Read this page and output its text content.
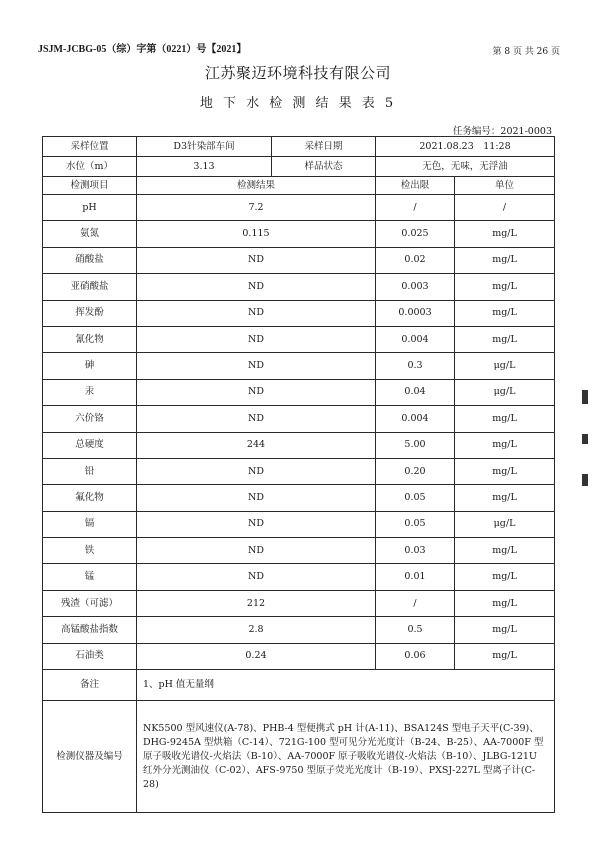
JSJM-JCBG-05（综）字第（0221）号【2021】	第 8 页 共 26 页
江苏聚迈环境科技有限公司
地 下 水 检 测 结 果 表 5
任务编号：2021-0003
采样位置	D3针染部车间	采样日期	2021.08.23　11:28	
水位（m）	3.13	样品状态	无色，无味，无浮油	
检测项目	检测结果		检出限	单位
pH	7.2		/	/
氨氮	0.115		0.025	mg/L
硝酸盐	ND		0.02	mg/L
亚硝酸盐	ND		0.003	mg/L
挥发酚	ND		0.0003	mg/L
氰化物	ND		0.004	mg/L
砷	ND		0.3	μg/L
汞	ND		0.04	μg/L
六价铬	ND		0.004	mg/L
总硬度	244		5.00	mg/L
铅	ND		0.20	mg/L
氟化物	ND		0.05	mg/L
镉	ND		0.05	μg/L
铁	ND		0.03	mg/L
锰	ND		0.01	mg/L
残渣（可滤）	212		/	mg/L
高锰酸盐指数	2.8		0.5	mg/L
石油类	0.24		0.06	mg/L
备注	1、pH 值无量纲			
检测仪器及编号	NK5500 型风速仪(A-78)、PHB-4 型便携式 pH 计(A-11)、BSA124S 型电子天平(C-39)、DHG-9245A 型烘箱（C-14）、721G-100 型可见分光光度计（B-24、B-25）、AA-7000F 型原子吸收光谱仪-火焰法（B-10）、AA-7000F 原子吸收光谱仪-火焰法（B-10）、JLBG-121U 红外分光测油仪（C-02）、AFS-9750 型原子荧光光度计（B-19）、PXSJ-227L 型离子计(C-28)			
